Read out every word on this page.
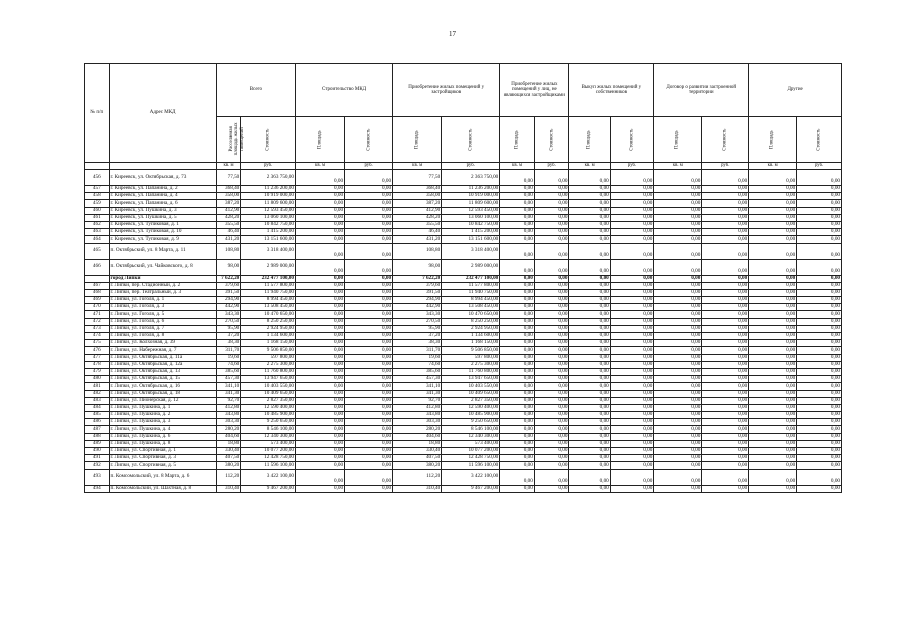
17
№ п/п	Адрес МКД	Всего		Строительство МКД		Приобретение жилых помещений у застройщиков		Приобретение жилых помещений у лиц, не являющихся застройщиками		Выкуп жилых помещений у собственников		Договор о развитии застроенной территории		Другие	
		Расселяемая площадь жилых помещений	Стоимость	Площадь	Стоимость	Площадь	Стоимость	Площадь	Стоимость	Площадь	Стоимость	Площадь	Стоимость	Площадь	Стоимость
		кв. м	руб.	кв. м	руб.	кв. м	руб.	кв. м	руб.	кв. м	руб.	кв. м	руб.	кв. м	руб.
456	г. Киреевск, ул. Октябрьская, д. 73	77,50	2 363 750,00	0,00	0,00	77,50	2 363 750,00	0,00	0,00	0,00	0,00	0,00	0,00	0,00	0,00
457	г. Киреевск, ул. Папанина, д. 2	368,40	11 236 200,00	0,00	0,00	368,40	11 236 200,00	0,00	0,00	0,00	0,00	0,00	0,00	0,00	0,00
458	г. Киреевск, ул. Папанина, д. 4	358,00	10 919 000,00	0,00	0,00	358,00	10 919 000,00	0,00	0,00	0,00	0,00	0,00	0,00	0,00	0,00
459	г. Киреевск, ул. Папанина, д. 6	387,20	11 809 600,00	0,00	0,00	387,20	11 809 600,00	0,00	0,00	0,00	0,00	0,00	0,00	0,00	0,00
460	г. Киреевск, ул. Пушкина, д. 3	412,90	12 593 450,00	0,00	0,00	412,90	12 593 450,00	0,00	0,00	0,00	0,00	0,00	0,00	0,00	0,00
461	г. Киреевск, ул. Пушкина, д. 5	428,20	13 060 100,00	0,00	0,00	428,20	13 060 100,00	0,00	0,00	0,00	0,00	0,00	0,00	0,00	0,00
462	г. Киреевск, ул. Тупиковая, д. 1	355,50	10 842 750,00	0,00	0,00	355,50	10 842 750,00	0,00	0,00	0,00	0,00	0,00	0,00	0,00	0,00
463	г. Киреевск, ул. Тупиковая, д. 10	46,40	1 415 200,00	0,00	0,00	46,40	1 415 200,00	0,00	0,00	0,00	0,00	0,00	0,00	0,00	0,00
464	г. Киреевск, ул. Тупиковая, д. 9	431,20	13 151 600,00	0,00	0,00	431,20	13 151 600,00	0,00	0,00	0,00	0,00	0,00	0,00	0,00	0,00
465	п. Октябрьский, ул. 8 Марта, д. 11	108,80	3 318 400,00	0,00	0,00	108,80	3 318 400,00	0,00	0,00	0,00	0,00	0,00	0,00	0,00	0,00
466	п. Октябрьский, ул. Чайковского, д. 8	98,00	2 989 000,00	0,00	0,00	98,00	2 989 000,00	0,00	0,00	0,00	0,00	0,00	0,00	0,00	0,00
	город Липки	7 622,20	232 477 100,00	0,00	0,00	7 622,20	232 477 100,00	0,00	0,00	0,00	0,00	0,00	0,00	0,00	0,00
467	г. Липки, пер. Стадионный, д. 2	379,60	11 577 800,00	0,00	0,00	379,60	11 577 800,00	0,00	0,00	0,00	0,00	0,00	0,00	0,00	0,00
468	г. Липки, пер. Театральный, д. 3	391,50	11 940 750,00	0,00	0,00	391,50	11 940 750,00	0,00	0,00	0,00	0,00	0,00	0,00	0,00	0,00
469	г. Липки, ул. Гоголя, д. 1	294,90	8 994 450,00	0,00	0,00	294,90	8 994 450,00	0,00	0,00	0,00	0,00	0,00	0,00	0,00	0,00
470	г. Липки, ул. Гоголя, д. 3	442,90	13 508 450,00	0,00	0,00	442,90	13 508 450,00	0,00	0,00	0,00	0,00	0,00	0,00	0,00	0,00
471	г. Липки, ул. Гоголя, д. 5	343,30	10 470 650,00	0,00	0,00	343,30	10 470 650,00	0,00	0,00	0,00	0,00	0,00	0,00	0,00	0,00
472	г. Липки, ул. Гоголя, д. 6	270,50	8 250 250,00	0,00	0,00	270,50	8 250 250,00	0,00	0,00	0,00	0,00	0,00	0,00	0,00	0,00
473	г. Липки, ул. Гоголя, д. 7	95,90	2 924 950,00	0,00	0,00	95,90	2 924 950,00	0,00	0,00	0,00	0,00	0,00	0,00	0,00	0,00
474	г. Липки, ул. Гоголя, д. 8	37,20	1 134 600,00	0,00	0,00	37,20	1 134 600,00	0,00	0,00	0,00	0,00	0,00	0,00	0,00	0,00
475	г. Липки, ул. Колхозная, д. 39	38,30	1 168 150,00	0,00	0,00	38,30	1 168 150,00	0,00	0,00	0,00	0,00	0,00	0,00	0,00	0,00
476	г. Липки, ул. Набережная, д. 7	311,70	9 506 850,00	0,00	0,00	311,70	9 506 850,00	0,00	0,00	0,00	0,00	0,00	0,00	0,00	0,00
477	г. Липки, ул. Октябрьская, д. 11а	19,60	597 800,00	0,00	0,00	19,60	597 800,00	0,00	0,00	0,00	0,00	0,00	0,00	0,00	0,00
478	г. Липки, ул. Октябрьская, д. 12а	74,60	2 275 300,00	0,00	0,00	74,60	2 275 300,00	0,00	0,00	0,00	0,00	0,00	0,00	0,00	0,00
479	г. Липки, ул. Октябрьская, д. 13	385,60	11 760 800,00	0,00	0,00	385,60	11 760 800,00	0,00	0,00	0,00	0,00	0,00	0,00	0,00	0,00
480	г. Липки, ул. Октябрьская, д. 15	457,30	13 947 650,00	0,00	0,00	457,30	13 947 650,00	0,00	0,00	0,00	0,00	0,00	0,00	0,00	0,00
481	г. Липки, ул. Октябрьская, д. 16	341,10	10 403 550,00	0,00	0,00	341,10	10 403 550,00	0,00	0,00	0,00	0,00	0,00	0,00	0,00	0,00
482	г. Липки, ул. Октябрьская, д. 18	341,30	10 409 650,00	0,00	0,00	341,30	10 409 650,00	0,00	0,00	0,00	0,00	0,00	0,00	0,00	0,00
483	г. Липки, ул. Пионерская, д. 12	92,70	2 827 350,00	0,00	0,00	92,70	2 827 350,00	0,00	0,00	0,00	0,00	0,00	0,00	0,00	0,00
484	г. Липки, ул. Пушкина, д. 1	412,80	12 590 400,00	0,00	0,00	412,80	12 590 400,00	0,00	0,00	0,00	0,00	0,00	0,00	0,00	0,00
485	г. Липки, ул. Пушкина, д. 2	343,80	10 485 900,00	0,00	0,00	343,80	10 485 900,00	0,00	0,00	0,00	0,00	0,00	0,00	0,00	0,00
486	г. Липки, ул. Пушкина, д. 3	303,30	9 250 650,00	0,00	0,00	303,30	9 250 650,00	0,00	0,00	0,00	0,00	0,00	0,00	0,00	0,00
487	г. Липки, ул. Пушкина, д. 4	280,20	8 546 100,00	0,00	0,00	280,20	8 546 100,00	0,00	0,00	0,00	0,00	0,00	0,00	0,00	0,00
488	г. Липки, ул. Пушкина, д. 6	404,60	12 340 300,00	0,00	0,00	404,60	12 340 300,00	0,00	0,00	0,00	0,00	0,00	0,00	0,00	0,00
489	г. Липки, ул. Пушкина, д. 8	18,80	573 400,00	0,00	0,00	18,80	573 400,00	0,00	0,00	0,00	0,00	0,00	0,00	0,00	0,00
490	г. Липки, ул. Спортивная, д. 1	330,40	10 077 200,00	0,00	0,00	330,40	10 077 200,00	0,00	0,00	0,00	0,00	0,00	0,00	0,00	0,00
491	г. Липки, ул. Спортивная, д. 3	407,50	12 428 750,00	0,00	0,00	407,50	12 428 750,00	0,00	0,00	0,00	0,00	0,00	0,00	0,00	0,00
492	г. Липки, ул. Спортивная, д. 5	380,20	11 596 100,00	0,00	0,00	380,20	11 596 100,00	0,00	0,00	0,00	0,00	0,00	0,00	0,00	0,00
493	п. Комсомольский, ул. 8 Марта, д. 6	112,20	3 422 100,00	0,00	0,00	112,20	3 422 100,00	0,00	0,00	0,00	0,00	0,00	0,00	0,00	0,00
494	п. Комсомольский, ул. Шахтная, д. 8	310,40	9 467 200,00	0,00	0,00	310,40	9 467 200,00	0,00	0,00	0,00	0,00	0,00	0,00	0,00	0,00
